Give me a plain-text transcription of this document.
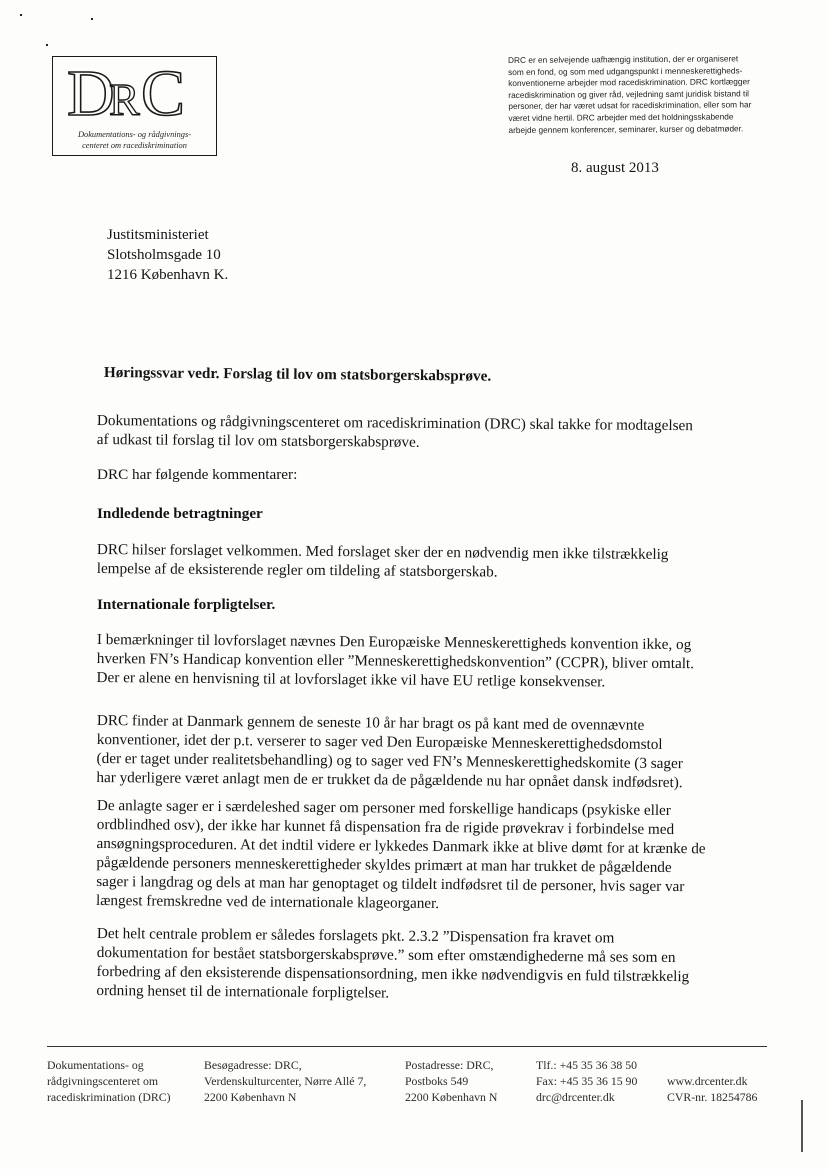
D
R C
Dokumentations- og rådgivnings-
centeret om racediskrimination
DRC er en selvejende uafhængig institution, der er organiseret
som en fond, og som med udgangspunkt i menneskerettigheds-
konventionerne arbejder mod racediskrimination. DRC kortlægger
racediskrimination og giver råd, vejledning samt juridisk bistand til
personer, der har været udsat for racediskrimination, eller som har
været vidne hertil. DRC arbejder med det holdningsskabende
arbejde gennem konferencer, seminarer, kurser og debatmøder.
8. august 2013
Justitsministeriet
Slotsholmsgade 10
1216 København K.
Høringssvar vedr. Forslag til lov om statsborgerskabsprøve.
Dokumentations og rådgivningscenteret om racediskrimination (DRC) skal takke for modtagelsen
af udkast til forslag til lov om statsborgerskabsprøve.
DRC har følgende kommentarer:
Indledende betragtninger
DRC hilser forslaget velkommen. Med forslaget sker der en nødvendig men ikke tilstrækkelig
lempelse af de eksisterende regler om tildeling af statsborgerskab.
Internationale forpligtelser.
I bemærkninger til lovforslaget nævnes Den Europæiske Menneskerettigheds konvention ikke, og
hverken FN’s Handicap konvention eller ”Menneskerettighedskonvention” (CCPR), bliver omtalt.
Der er alene en henvisning til at lovforslaget ikke vil have EU retlige konsekvenser.
DRC finder at Danmark gennem de seneste 10 år har bragt os på kant med de ovennævnte
konventioner, idet der p.t. verserer to sager ved Den Europæiske Menneskerettighedsdomstol
(der er taget under realitetsbehandling) og to sager ved FN’s Menneskerettighedskomite (3 sager
har yderligere været anlagt men de er trukket da de pågældende nu har opnået dansk indfødsret).
De anlagte sager er i særdeleshed sager om personer med forskellige handicaps (psykiske eller
ordblindhed osv), der ikke har kunnet få dispensation fra de rigide prøvekrav i forbindelse med
ansøgningsproceduren. At det indtil videre er lykkedes Danmark ikke at blive dømt for at krænke de
pågældende personers menneskerettigheder skyldes primært at man har trukket de pågældende
sager i langdrag og dels at man har genoptaget og tildelt indfødsret til de personer, hvis sager var
længest fremskredne ved de internationale klageorganer.
Det helt centrale problem er således forslagets pkt. 2.3.2 ”Dispensation fra kravet om
dokumentation for bestået statsborgerskabsprøve.” som efter omstændighederne må ses som en
forbedring af den eksisterende dispensationsordning, men ikke nødvendigvis en fuld tilstrækkelig
ordning henset til de internationale forpligtelser.
Dokumentations- og
rådgivningscenteret om
racediskrimination (DRC)
Besøgadresse: DRC,
Verdenskulturcenter, Nørre Allé 7,
2200 København N
Postadresse: DRC,
Postboks 549
2200 København N
Tlf.: +45 35 36 38 50
Fax: +45 35 36 15 90
drc@drcenter.dk
www.drcenter.dk
CVR-nr. 18254786
